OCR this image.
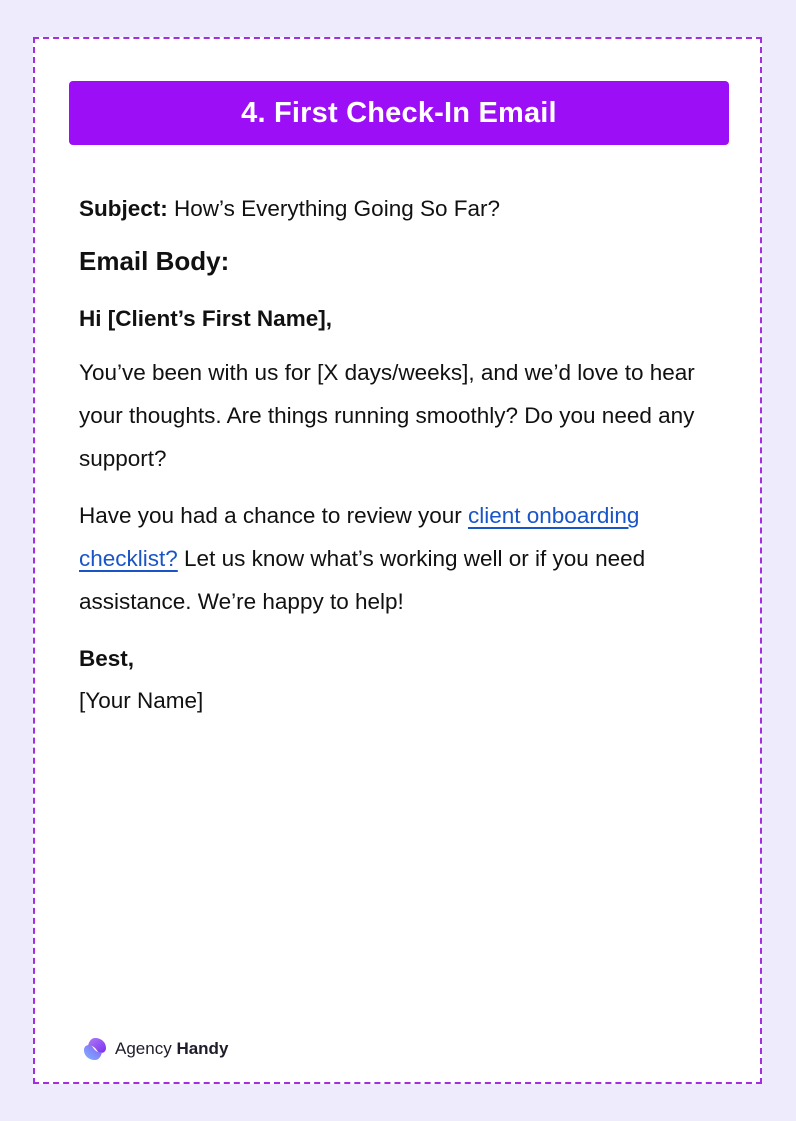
4. First Check-In Email

Subject: How’s Everything Going So Far?

Email Body:

Hi [Client’s First Name],

You’ve been with us for [X days/weeks], and we’d love to hear your thoughts. Are things running smoothly? Do you need any support?

Have you had a chance to review your client onboarding checklist? Let us know what’s working well or if you need assistance. We’re happy to help!

Best,

[Your Name]

Agency Handy
